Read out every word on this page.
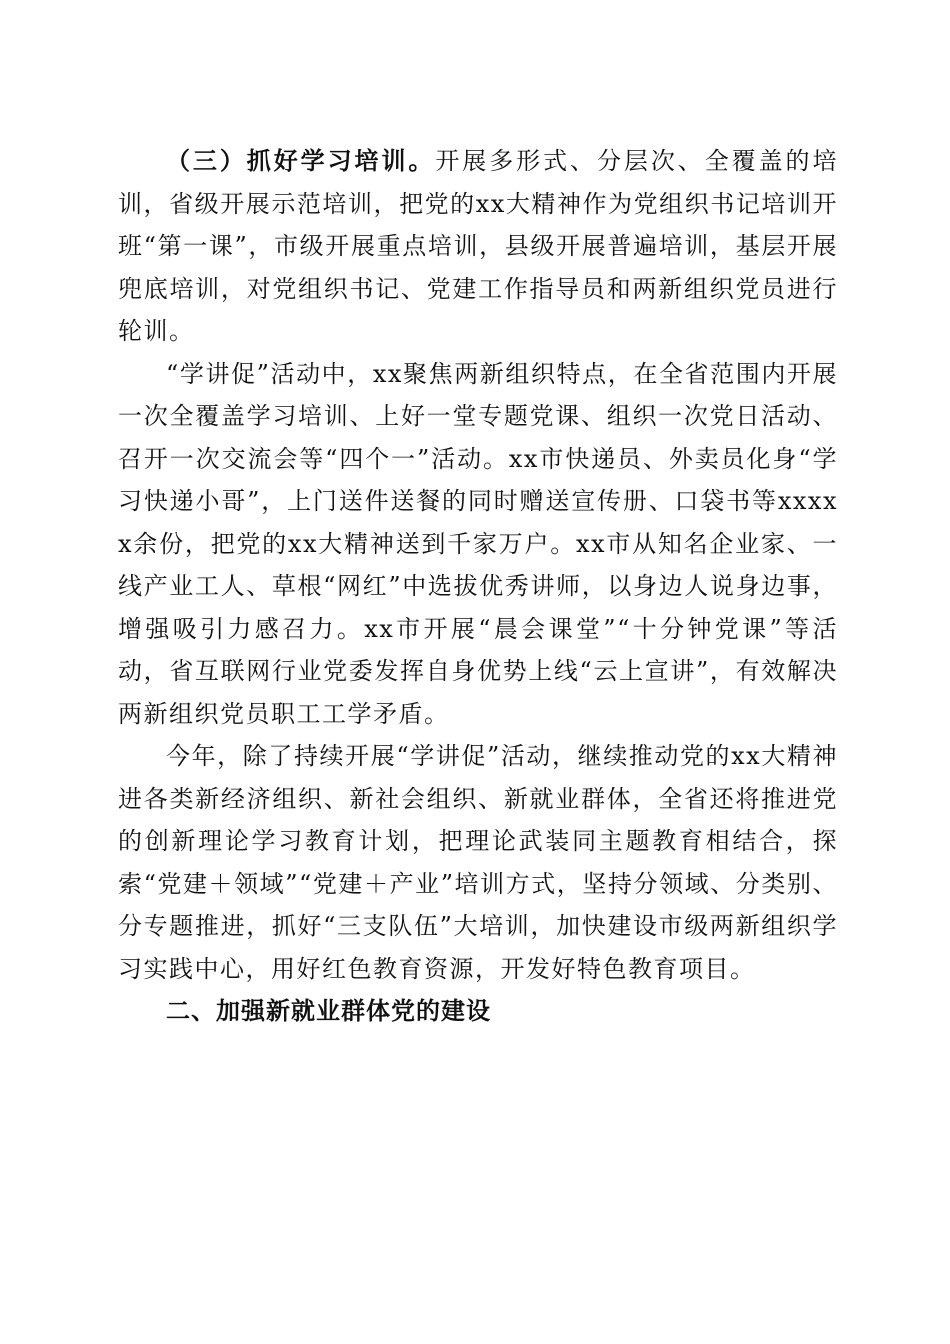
（三）抓好学习培训。开展多形式、分层次、全覆盖的培训，省级开展示范培训，把党的xx大精神作为党组织书记培训开班“第一课”，市级开展重点培训，县级开展普遍培训，基层开展兜底培训，对党组织书记、党建工作指导员和两新组织党员进行轮训。

“学讲促”活动中，xx聚焦两新组织特点，在全省范围内开展一次全覆盖学习培训、上好一堂专题党课、组织一次党日活动、召开一次交流会等“四个一”活动。xx市快递员、外卖员化身“学习快递小哥”，上门送件送餐的同时赠送宣传册、口袋书等xxxxx余份，把党的xx大精神送到千家万户。xx市从知名企业家、一线产业工人、草根“网红”中选拔优秀讲师，以身边人说身边事，增强吸引力感召力。xx市开展“晨会课堂”“十分钟党课”等活动，省互联网行业党委发挥自身优势上线“云上宣讲”，有效解决两新组织党员职工工学矛盾。

今年，除了持续开展“学讲促”活动，继续推动党的xx大精神进各类新经济组织、新社会组织、新就业群体，全省还将推进党的创新理论学习教育计划，把理论武装同主题教育相结合，探索“党建＋领域”“党建＋产业”培训方式，坚持分领域、分类别、分专题推进，抓好“三支队伍”大培训，加快建设市级两新组织学习实践中心，用好红色教育资源，开发好特色教育项目。

二、加强新就业群体党的建设
